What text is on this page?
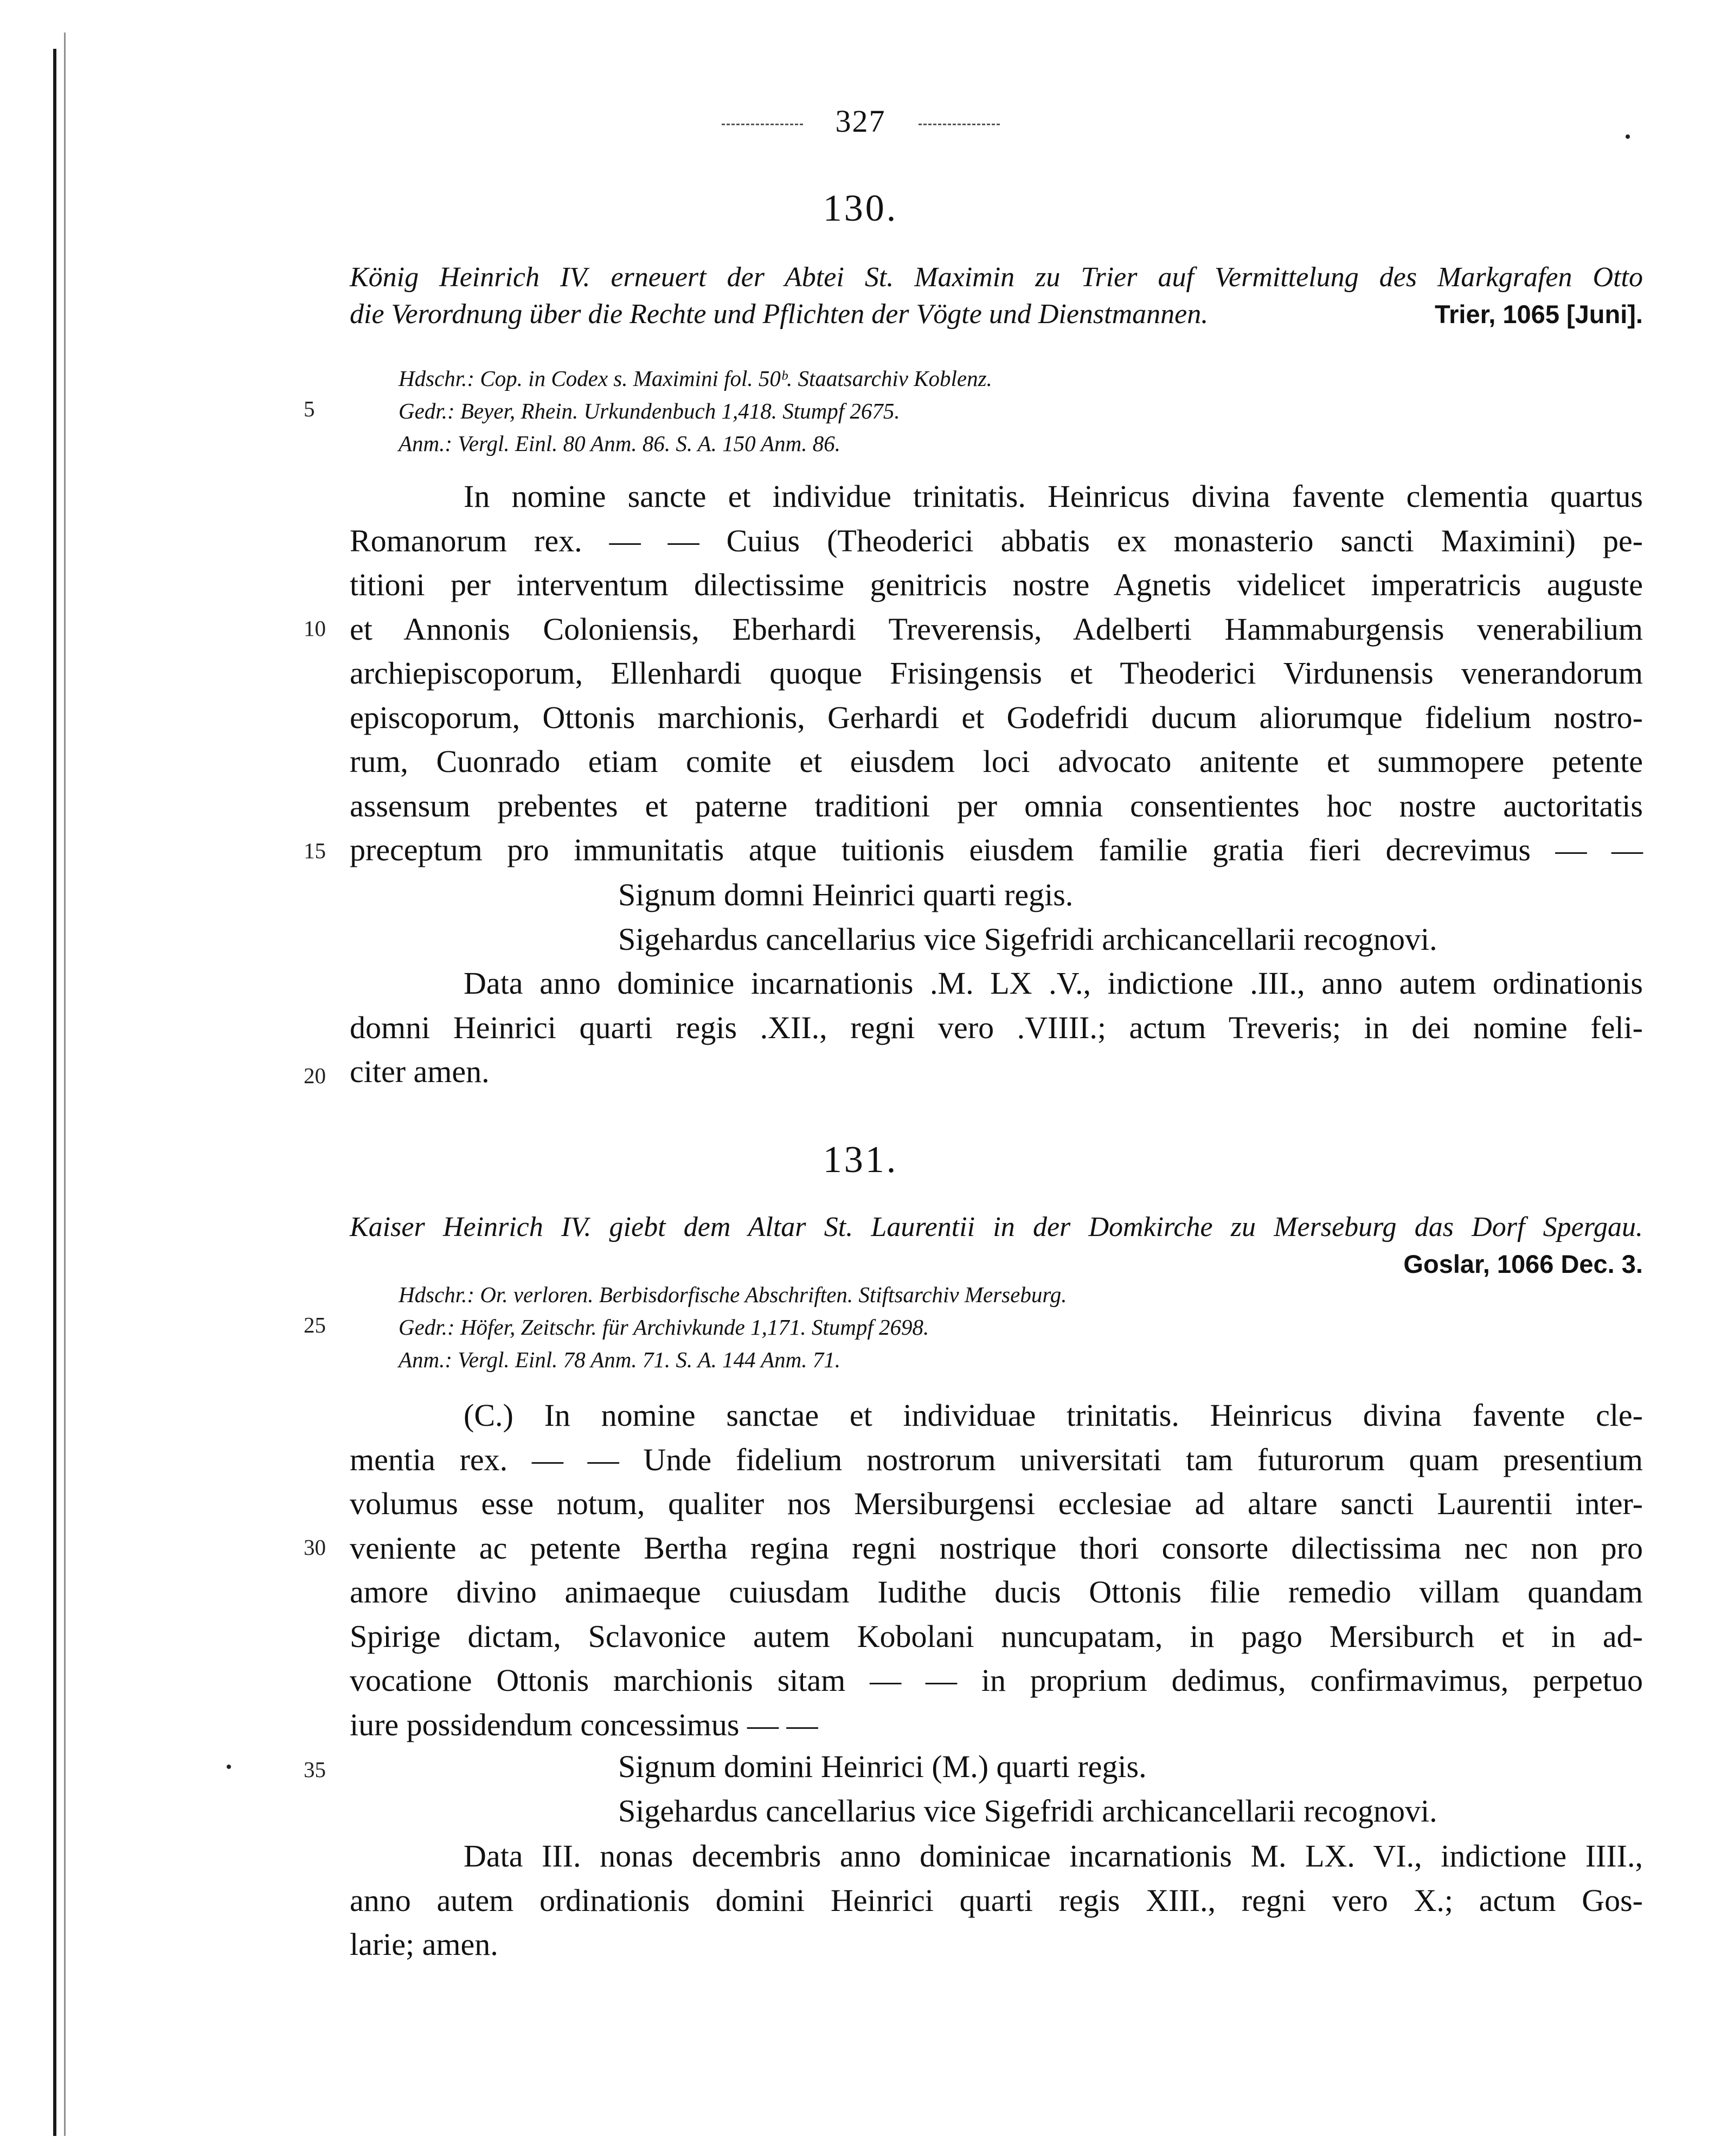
327
130.
König Heinrich IV. erneuert der Abtei St. Maximin zu Trier auf Vermittelung des Markgrafen Otto
die Verordnung über die Rechte und Pflichten der Vögte und Dienstmannen.	Trier, 1065 [Juni].
Hdschr.: Cop. in Codex s. Maximini fol. 50ᵇ. Staatsarchiv Koblenz.
Gedr.: Beyer, Rhein. Urkundenbuch 1,418. Stumpf 2675.
Anm.: Vergl. Einl. 80 Anm. 86. S. A. 150 Anm. 86.
5
In nomine sancte et individue trinitatis. Heinricus divina favente clementia quartus
Romanorum rex. — — Cuius (Theoderici abbatis ex monasterio sancti Maximini) pe-
titioni per interventum dilectissime genitricis nostre Agnetis videlicet imperatricis auguste
et Annonis Coloniensis, Eberhardi Treverensis, Adelberti Hammaburgensis venerabilium
archiepiscoporum, Ellenhardi quoque Frisingensis et Theoderici Virdunensis venerandorum
episcoporum, Ottonis marchionis, Gerhardi et Godefridi ducum aliorumque fidelium nostro-
rum, Cuonrado etiam comite et eiusdem loci advocato anitente et summopere petente
assensum prebentes et paterne traditioni per omnia consentientes hoc nostre auctoritatis
preceptum pro immunitatis atque tuitionis eiusdem familie gratia fieri decrevimus — —
10
15
Signum domni Heinrici quarti regis.
Sigehardus cancellarius vice Sigefridi archicancellarii recognovi.
Data anno dominice incarnationis .M. LX .V., indictione .III., anno autem ordinationis
domni Heinrici quarti regis .XII., regni vero .VIIII.; actum Treveris; in dei nomine feli-
citer amen.
20
131.
Kaiser Heinrich IV. giebt dem Altar St. Laurentii in der Domkirche zu Merseburg das Dorf Spergau.
Goslar, 1066 Dec. 3.
Hdschr.: Or. verloren. Berbisdorfische Abschriften. Stiftsarchiv Merseburg.
Gedr.: Höfer, Zeitschr. für Archivkunde 1,171. Stumpf 2698.
Anm.: Vergl. Einl. 78 Anm. 71. S. A. 144 Anm. 71.
25
(C.) In nomine sanctae et individuae trinitatis. Heinricus divina favente cle-
mentia rex. — — Unde fidelium nostrorum universitati tam futurorum quam presentium
volumus esse notum, qualiter nos Mersiburgensi ecclesiae ad altare sancti Laurentii inter-
veniente ac petente Bertha regina regni nostrique thori consorte dilectissima nec non pro
amore divino animaeque cuiusdam Iudithe ducis Ottonis filie remedio villam quandam
Spirige dictam, Sclavonice autem Kobolani nuncupatam, in pago Mersiburch et in ad-
vocatione Ottonis marchionis sitam — — in proprium dedimus, confirmavimus, perpetuo
iure possidendum concessimus — —
30
35	Signum domini Heinrici (M.) quarti regis.
Sigehardus cancellarius vice Sigefridi archicancellarii recognovi.
Data III. nonas decembris anno dominicae incarnationis M. LX. VI., indictione IIII.,
anno autem ordinationis domini Heinrici quarti regis XIII., regni vero X.; actum Gos-
larie; amen.
